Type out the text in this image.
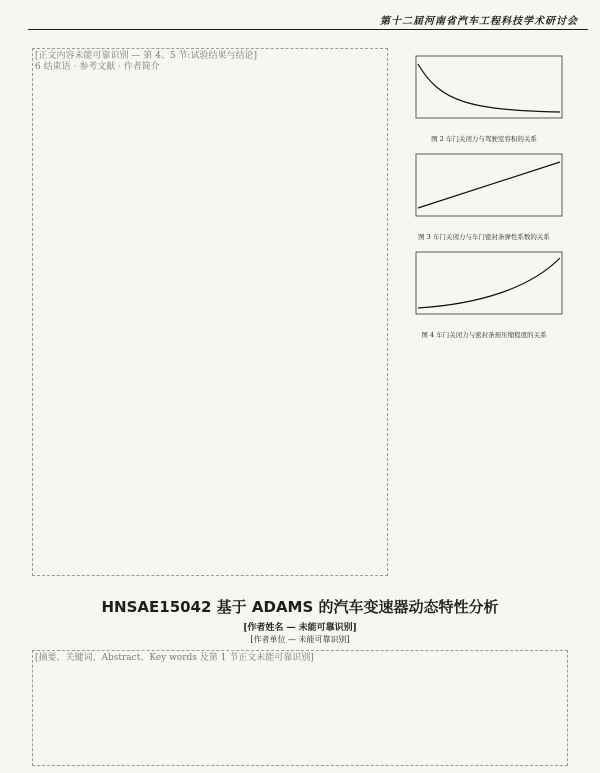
第十二届河南省汽车工程科技学术研讨会
[正文内容未能可靠识别 — 第 4、5 节:试验结果与结论]
6 结束语 · 参考文献 · 作者简介
图 2 车门关闭力与驾驶室容积的关系
图 3 车门关闭力与车门密封条弹性系数的关系
图 4 车门关闭力与密封条预压缩程度的关系
HNSAE15042 基于 ADAMS 的汽车变速器动态特性分析
[作者姓名 — 未能可靠识别]
[作者单位 — 未能可靠识别]
[摘要、关键词、Abstract、Key words 及第 1 节正文未能可靠识别]
